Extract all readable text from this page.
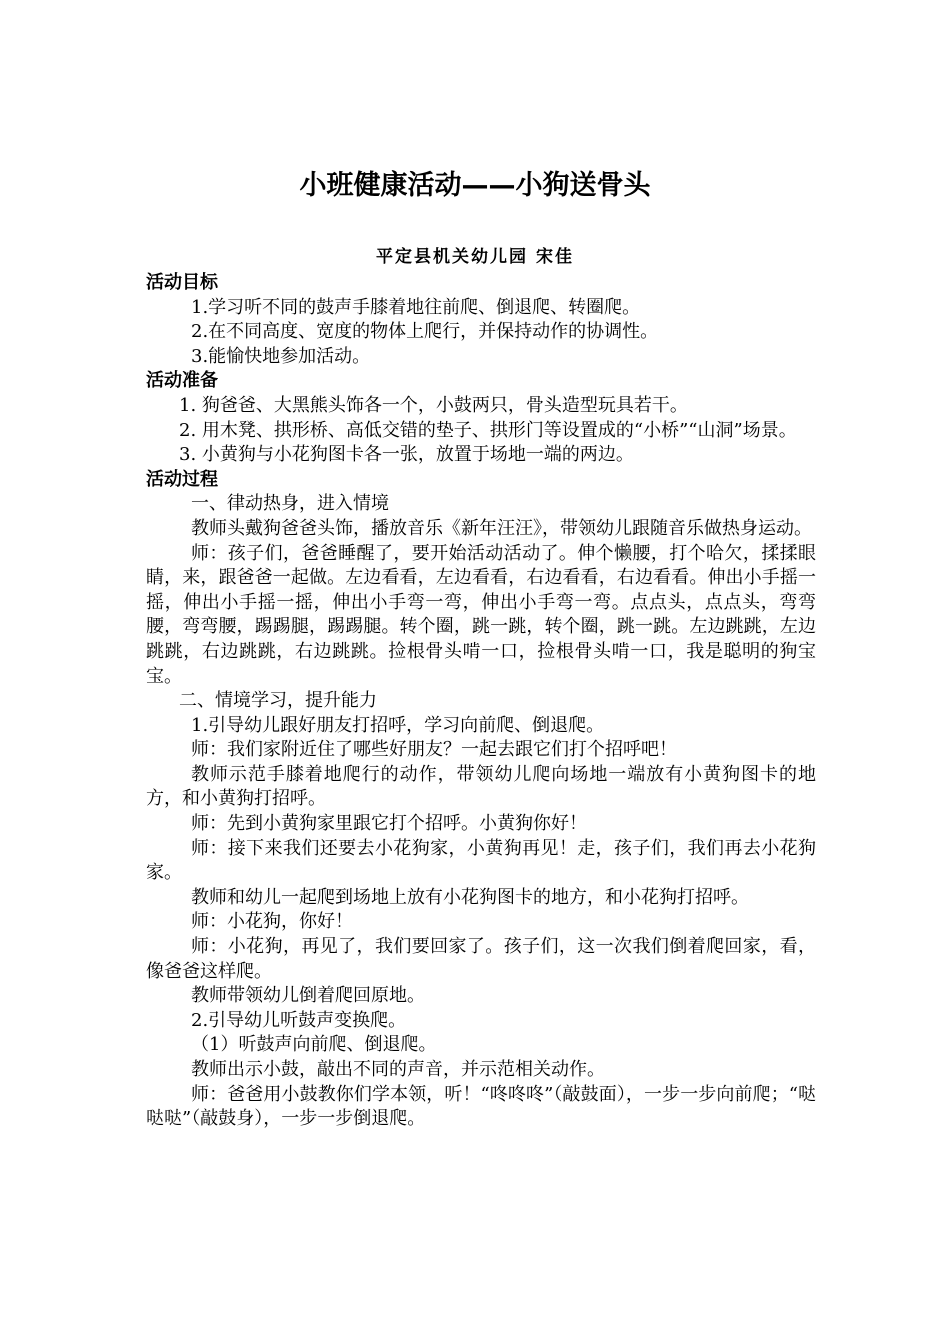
小班健康活动——小狗送骨头
平定县机关幼儿园 宋佳

活动目标

1.学习听不同的鼓声手膝着地往前爬、倒退爬、转圈爬。

2.在不同高度、宽度的物体上爬行，并保持动作的协调性。

3.能愉快地参加活动。

活动准备

1. 狗爸爸、大黑熊头饰各一个，小鼓两只，骨头造型玩具若干。

2. 用木凳、拱形桥、高低交错的垫子、拱形门等设置成的“小桥”“山洞”场景。

3. 小黄狗与小花狗图卡各一张，放置于场地一端的两边。

活动过程

一、律动热身，进入情境

教师头戴狗爸爸头饰，播放音乐《新年汪汪》，带领幼儿跟随音乐做热身运动。

师：孩子们，爸爸睡醒了，要开始活动活动了。伸个懒腰，打个哈欠，揉揉眼睛，来，跟爸爸一起做。左边看看，左边看看，右边看看，右边看看。伸出小手摇一摇，伸出小手摇一摇，伸出小手弯一弯，伸出小手弯一弯。点点头，点点头，弯弯腰，弯弯腰，踢踢腿，踢踢腿。转个圈，跳一跳，转个圈，跳一跳。左边跳跳，左边跳跳，右边跳跳，右边跳跳。捡根骨头啃一口，捡根骨头啃一口，我是聪明的狗宝宝。

二、情境学习，提升能力

1.引导幼儿跟好朋友打招呼，学习向前爬、倒退爬。

师：我们家附近住了哪些好朋友？一起去跟它们打个招呼吧！

教师示范手膝着地爬行的动作，带领幼儿爬向场地一端放有小黄狗图卡的地方，和小黄狗打招呼。

师：先到小黄狗家里跟它打个招呼。小黄狗你好！

师：接下来我们还要去小花狗家，小黄狗再见！走，孩子们，我们再去小花狗家。

教师和幼儿一起爬到场地上放有小花狗图卡的地方，和小花狗打招呼。

师：小花狗，你好！

师：小花狗，再见了，我们要回家了。孩子们，这一次我们倒着爬回家，看，像爸爸这样爬。

教师带领幼儿倒着爬回原地。

2.引导幼儿听鼓声变换爬。

（1）听鼓声向前爬、倒退爬。

教师出示小鼓，敲出不同的声音，并示范相关动作。

师：爸爸用小鼓教你们学本领，听！“咚咚咚”（敲鼓面），一步一步向前爬；“哒哒哒”（敲鼓身），一步一步倒退爬。
